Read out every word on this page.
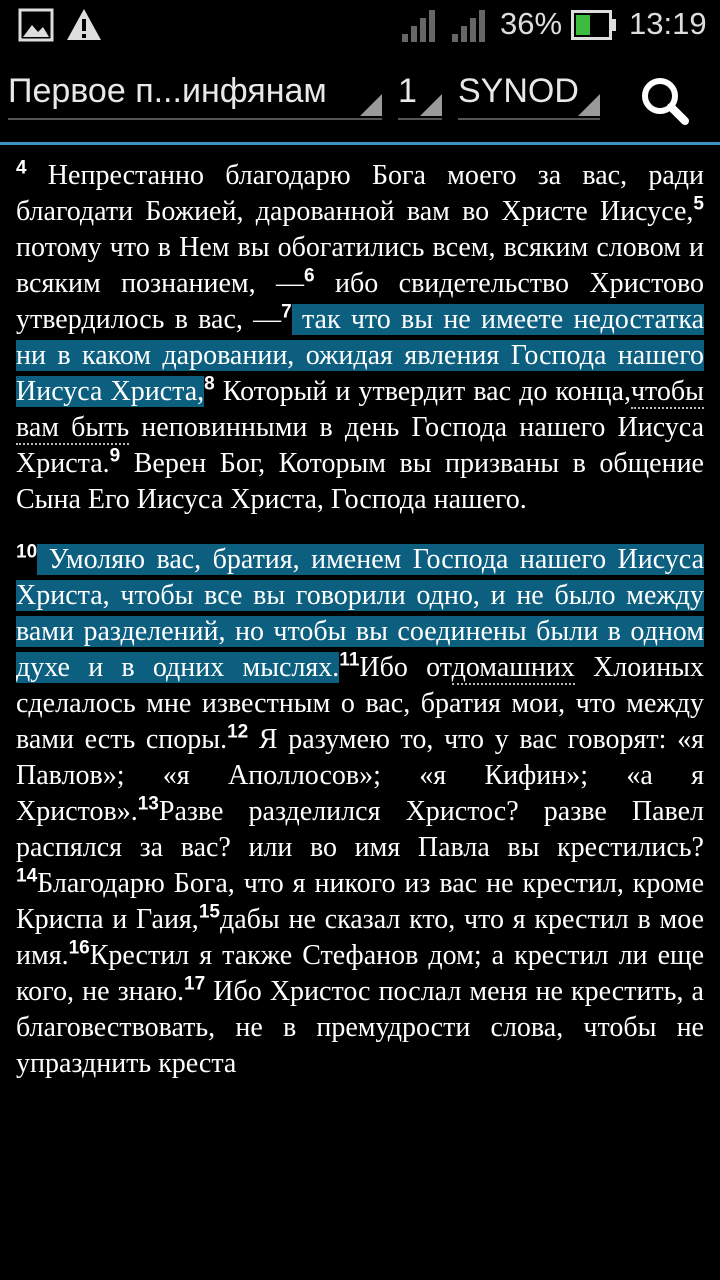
36% 13:19
Первое п...инфянам	1	SYNOD

$^4$ Непрестанно благодарю Бога моего за вас, ради благодати Божией, дарованной вам во Христе Иисусе,$^5$ потому что в Нем вы обогатились всем, всяким словом и всяким познанием, —$^6$ ибо свидетельство Христово утвердилось в вас, —$^7$ так что вы не имеете недостатка ни в каком даровании, ожидая явления Господа нашего Иисуса Христа,$^8$ Который и утвердит вас до конца,чтобы вам быть неповинными в день Господа нашего Иисуса Христа.$^9$ Верен Бог, Которым вы призваны в общение Сына Его Иисуса Христа, Господа нашего.

$^{10}$ Умоляю вас, братия, именем Господа нашего Иисуса Христа, чтобы все вы говорили одно, и не было между вами разделений, но чтобы вы соединены были в одном духе и в одних мыслях.$^{11}$Ибо отдомашних Хлоиных сделалось мне известным о вас, братия мои, что между вами есть споры.$^{12}$ Я разумею то, что у вас говорят: «я Павлов»; «я Аполлосов»; «я Кифин»; «а я Христов».$^{13}$Разве разделился Христос? разве Павел распялся за вас? или во имя Павла вы крестились?$^{14}$Благодарю Бога, что я никого из вас не крестил, кроме Криспа и Гаия,$^{15}$дабы не сказал кто, что я крестил в мое имя.$^{16}$Крестил я также Стефанов дом; а крестил ли еще кого, не знаю.$^{17}$ Ибо Христос послал меня не крестить, а благовествовать, не в премудрости слова, чтобы не упразднить креста
